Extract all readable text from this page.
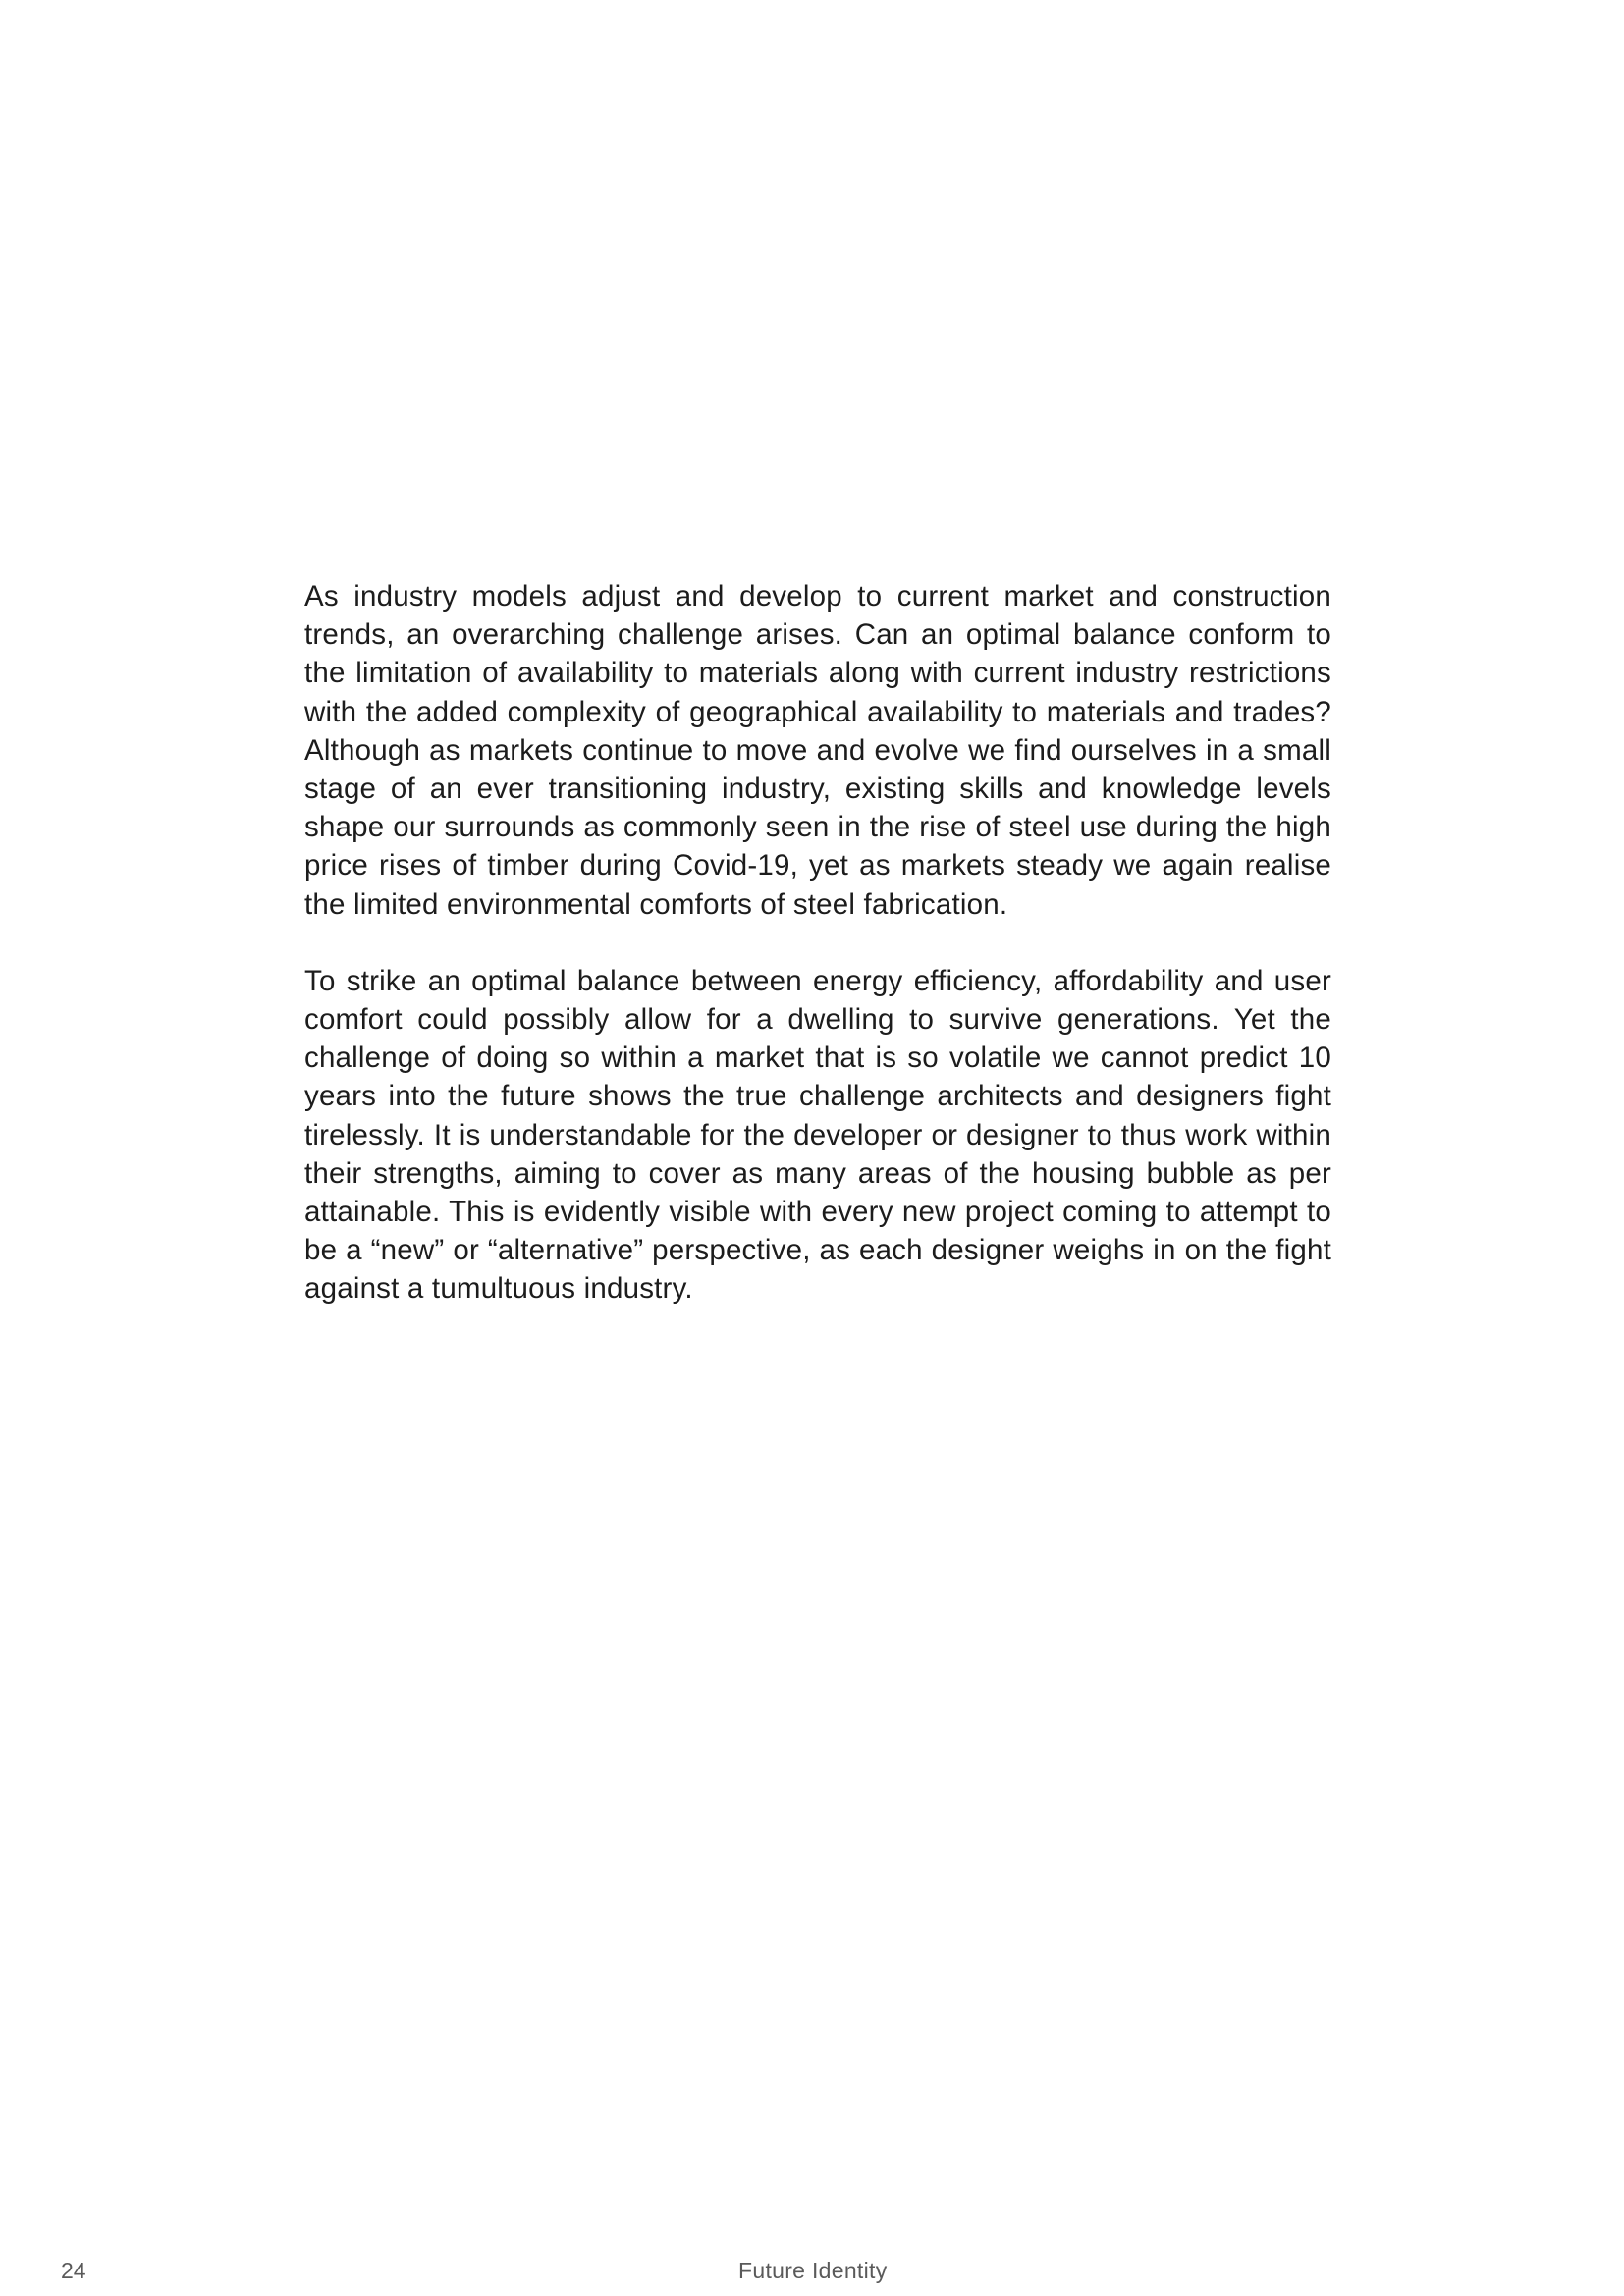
As industry models adjust and develop to current market and construction trends, an overarching challenge arises. Can an optimal balance conform to the limitation of availability to materials along with current industry restrictions with the added complexity of geographical availability to materials and trades? Although as markets continue to move and evolve we find ourselves in a small stage of an ever transitioning industry, existing skills and knowledge levels shape our surrounds as commonly seen in the rise of steel use during the high price rises of timber during Covid-19, yet as markets steady we again realise the limited environmental comforts of steel fabrication.

To strike an optimal balance between energy efficiency, affordability and user comfort could possibly allow for a dwelling to survive generations. Yet the challenge of doing so within a market that is so volatile we cannot predict 10 years into the future shows the true challenge architects and designers fight tirelessly. It is understandable for the developer or designer to thus work within their strengths, aiming to cover as many areas of the housing bubble as per attainable. This is evidently visible with every new project coming to attempt to be a “new” or “alternative” perspective, as each designer weighs in on the fight against a tumultuous industry.

24	Future Identity
